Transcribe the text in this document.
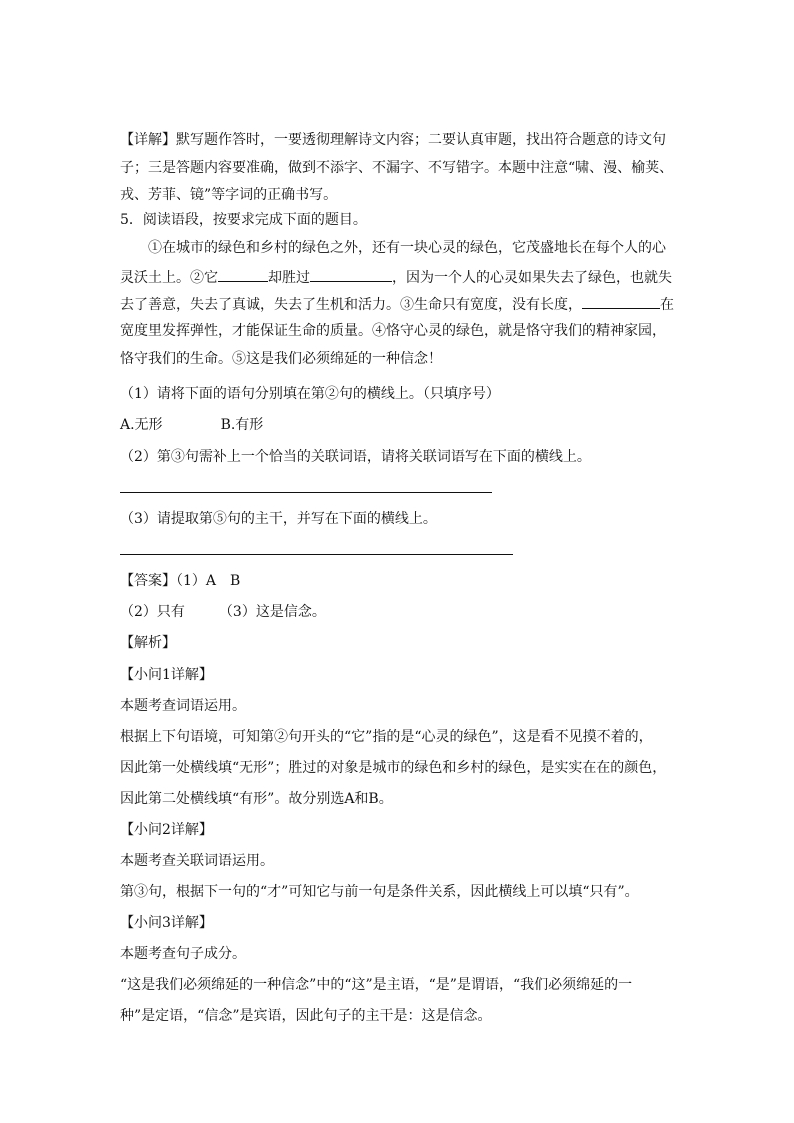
【详解】默写题作答时，一要透彻理解诗文内容；二要认真审题，找出符合题意的诗文句
子；三是答题内容要准确，做到不添字、不漏字、不写错字。本题中注意“啸、漫、榆荚、
戎、芳菲、镜”等字词的正确书写。
5．阅读语段，按要求完成下面的题目。
①在城市的绿色和乡村的绿色之外，还有一块心灵的绿色，它茂盛地长在每个人的心
灵沃土上。②它	却胜过	，因为一个人的心灵如果失去了绿色，也就失
去了善意，失去了真诚，失去了生机和活力。③生命只有宽度，没有长度，	在
宽度里发挥弹性，才能保证生命的质量。④恪守心灵的绿色，就是恪守我们的精神家园，
恪守我们的生命。⑤这是我们必须绵延的一种信念！
（1）请将下面的语句分别填在第②句的横线上。（只填序号）
A.无形	B.有形
（2）第③句需补上一个恰当的关联词语，请将关联词语写在下面的横线上。
（3）请提取第⑤句的主干，并写在下面的横线上。
【答案】（1）A　B
（2）只有 （3）这是信念。
【解析】
【小问1详解】
本题考查词语运用。
根据上下句语境，可知第②句开头的“它”指的是“心灵的绿色”，这是看不见摸不着的，
因此第一处横线填“无形”；胜过的对象是城市的绿色和乡村的绿色，是实实在在的颜色，
因此第二处横线填“有形”。故分别选A和B。
【小问2详解】
本题考查关联词语运用。
第③句，根据下一句的“才”可知它与前一句是条件关系，因此横线上可以填“只有”。
【小问3详解】
本题考查句子成分。
“这是我们必须绵延的一种信念”中的“这”是主语，“是”是谓语，“我们必须绵延的一
种”是定语，“信念”是宾语，因此句子的主干是：这是信念。
